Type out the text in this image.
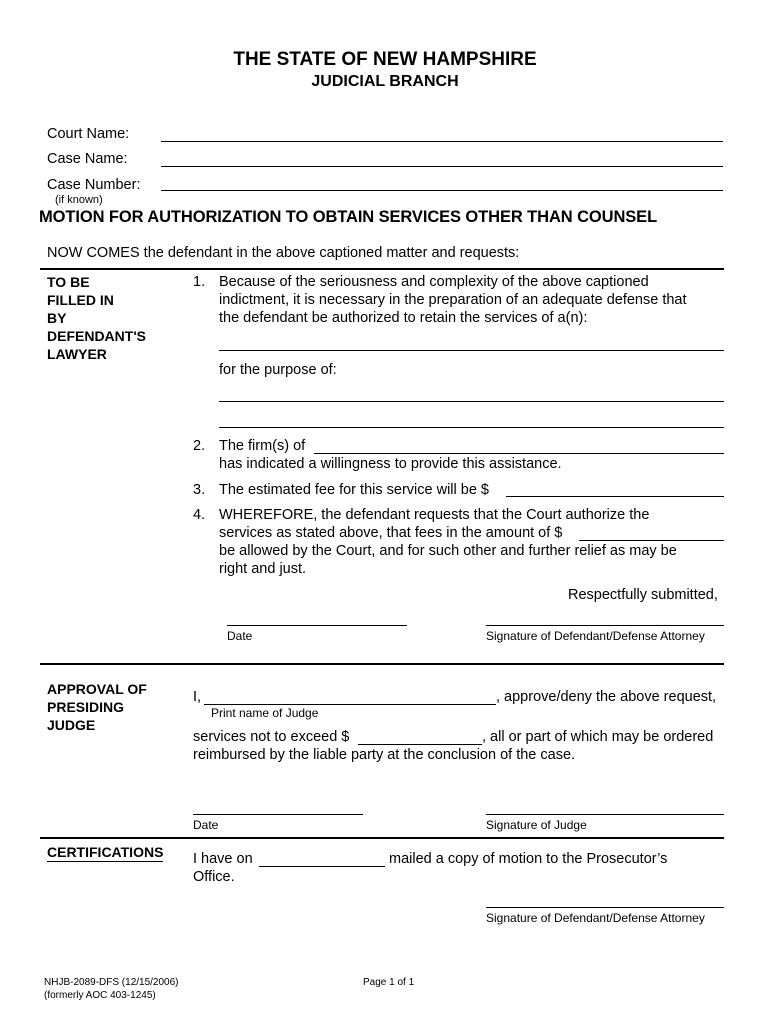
THE STATE OF NEW HAMPSHIRE
JUDICIAL BRANCH
Court Name:
Case Name:
Case Number:
(if known)
MOTION FOR AUTHORIZATION TO OBTAIN SERVICES OTHER THAN COUNSEL
NOW COMES the defendant in the above captioned matter and requests:
TO BE
FILLED IN
BY
DEFENDANT'S
LAWYER
1. Because of the seriousness and complexity of the above captioned
indictment, it is necessary in the preparation of an adequate defense that
the defendant be authorized to retain the services of a(n):
for the purpose of:
2. The firm(s) of
has indicated a willingness to provide this assistance.
3. The estimated fee for this service will be $
4. WHEREFORE, the defendant requests that the Court authorize the
services as stated above, that fees in the amount of $
be allowed by the Court, and for such other and further relief as may be
right and just.
Respectfully submitted,
Date	Signature of Defendant/Defense Attorney
APPROVAL OF
PRESIDING
JUDGE
I,	, approve/deny the above request,
Print name of Judge
services not to exceed $	, all or part of which may be ordered
reimbursed by the liable party at the conclusion of the case.
Date	Signature of Judge
CERTIFICATIONS	I have on	mailed a copy of motion to the Prosecutor’s
Office.
Signature of Defendant/Defense Attorney
NHJB-2089-DFS (12/15/2006)
(formerly AOC 403-1245)
Page 1 of 1
